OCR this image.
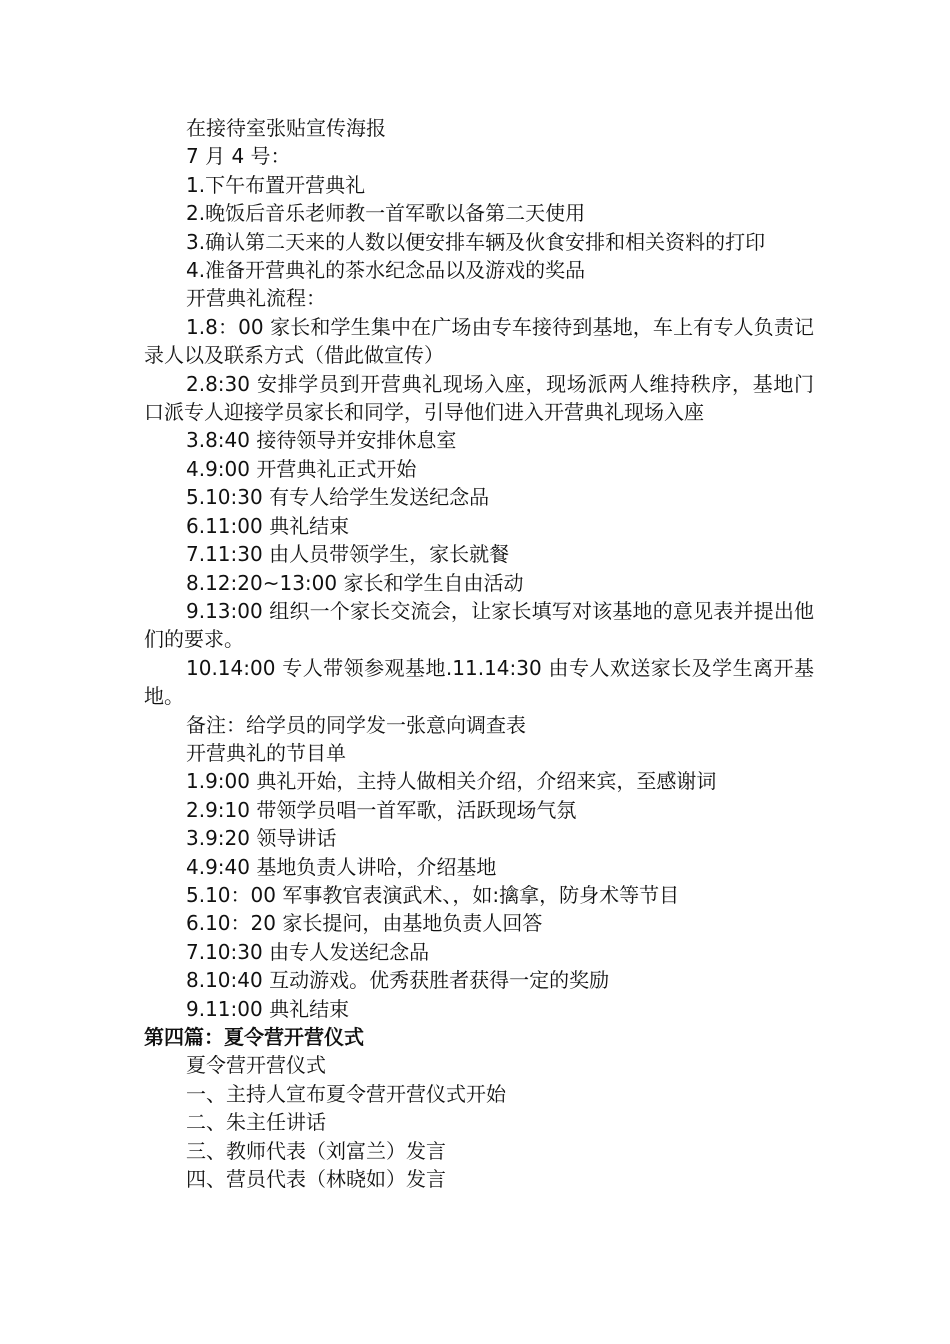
在接待室张贴宣传海报

7 月 4 号：

1.下午布置开营典礼

2.晚饭后音乐老师教一首军歌以备第二天使用

3.确认第二天来的人数以便安排车辆及伙食安排和相关资料的打印

4.准备开营典礼的茶水纪念品以及游戏的奖品

开营典礼流程：

1.8：00 家长和学生集中在广场由专车接待到基地，车上有专人负责记录人以及联系方式（借此做宣传）

2.8:30 安排学员到开营典礼现场入座，现场派两人维持秩序，基地门口派专人迎接学员家长和同学，引导他们进入开营典礼现场入座

3.8:40 接待领导并安排休息室

4.9:00 开营典礼正式开始

5.10:30 有专人给学生发送纪念品

6.11:00 典礼结束

7.11:30 由人员带领学生，家长就餐

8.12:20~13:00 家长和学生自由活动

9.13:00 组织一个家长交流会，让家长填写对该基地的意见表并提出他们的要求。

10.14:00 专人带领参观基地.11.14:30 由专人欢送家长及学生离开基地。

备注：给学员的同学发一张意向调查表

开营典礼的节目单

1.9:00 典礼开始，主持人做相关介绍，介绍来宾，至感谢词

2.9:10 带领学员唱一首军歌，活跃现场气氛

3.9:20 领导讲话

4.9:40 基地负责人讲哈，介绍基地

5.10：00 军事教官表演武术、，如:擒拿，防身术等节目

6.10：20 家长提问，由基地负责人回答

7.10:30 由专人发送纪念品

8.10:40 互动游戏。优秀获胜者获得一定的奖励

9.11:00 典礼结束

第四篇：夏令营开营仪式

夏令营开营仪式

一、主持人宣布夏令营开营仪式开始

二、朱主任讲话

三、教师代表（刘富兰）发言

四、营员代表（林晓如）发言
